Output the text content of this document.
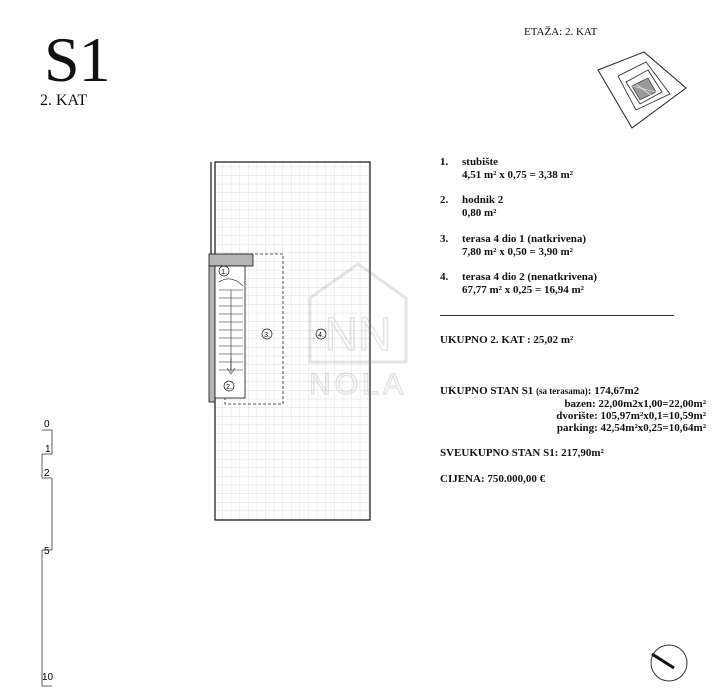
S1
2. KAT
ETAŽA: 2. KAT
1.
2.
3.	4. NN
NOLA
1. stubište
4,51 m² x 0,75 = 3,38 m²
2. hodnik 2
0,80 m²
3. terasa 4 dio 1 (natkrivena)
7,80 m² x 0,50 = 3,90 m²
4. terasa 4 dio 2 (nenatkrivena)
67,77 m² x 0,25 = 16,94 m²
UKUPNO 2. KAT : 25,02 m²
UKUPNO STAN S1 (sa terasama): 174,67m2
bazen: 22,00m2x1,00=22,00m²
dvorište: 105,97m²x0,1=10,59m²
parking: 42,54m²x0,25=10,64m²
SVEUKUPNO STAN S1: 217,90m²
CIJENA: 750.000,00 €
0
1
2
5
10
